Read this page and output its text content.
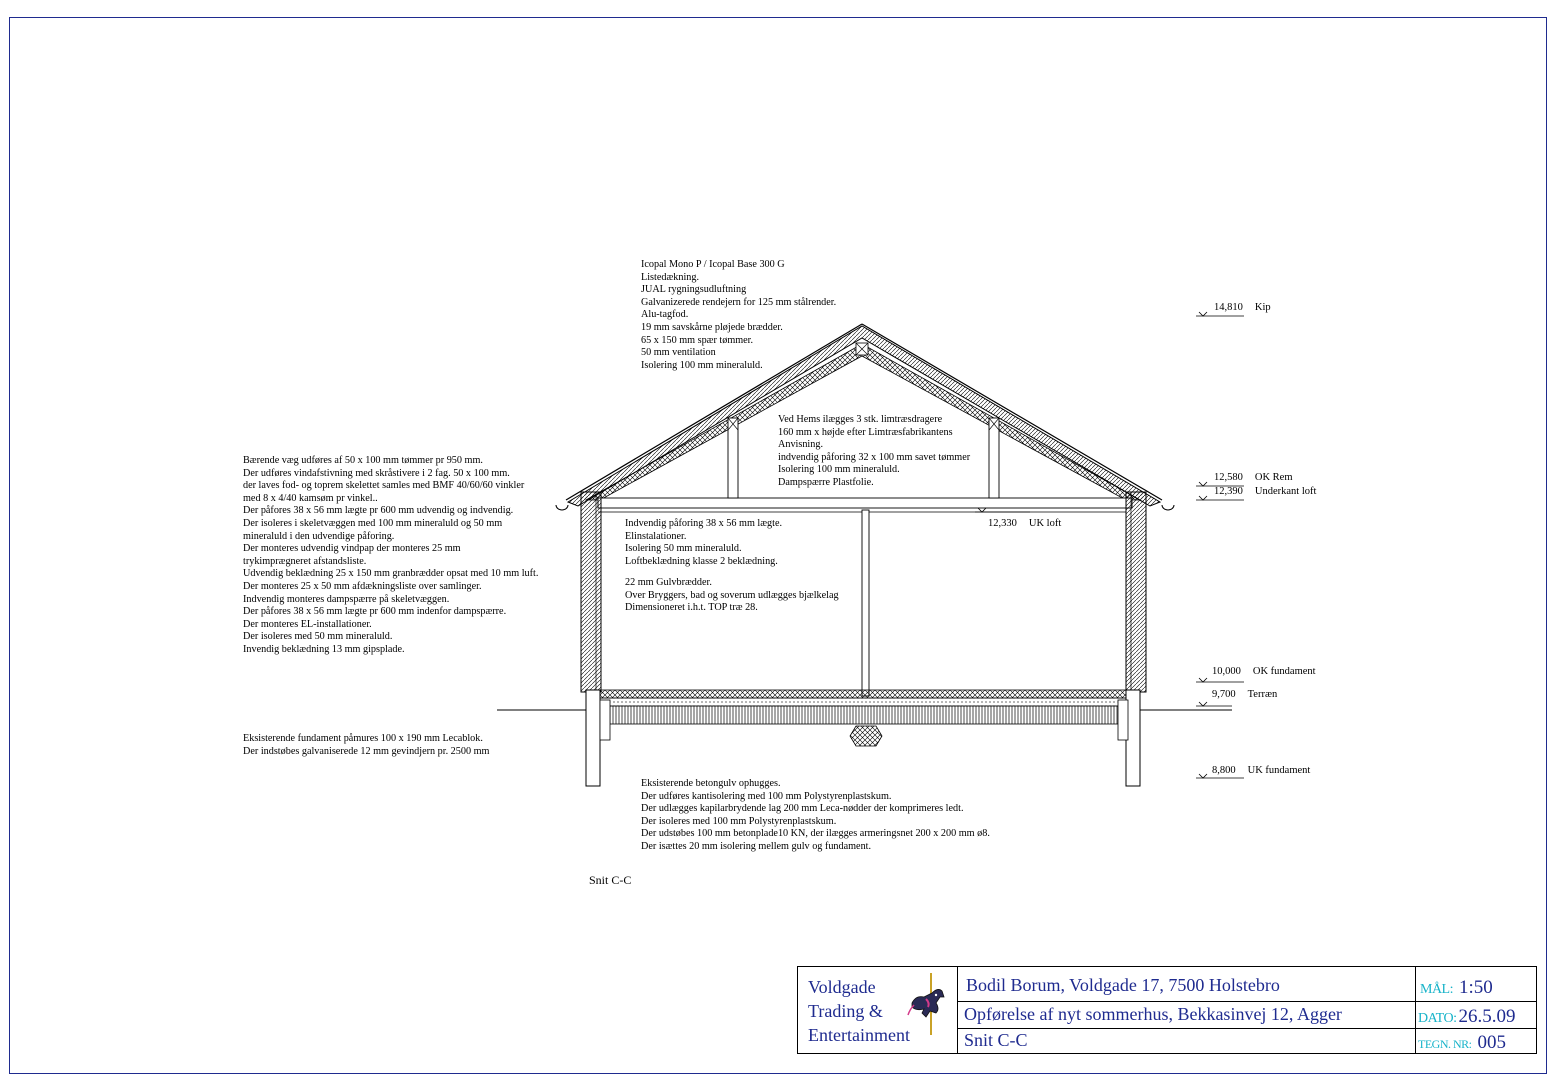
Icopal Mono P / Icopal Base 300 G
Listedækning.
JUAL rygningsudluftning
Galvanizerede rendejern for 125 mm stålrender.
Alu-tagfod.
19 mm savskårne pløjede brædder.
65 x 150 mm spær tømmer.
50 mm ventilation
Isolering 100 mm mineraluld.
Ved Hems ilægges 3 stk. limtræsdragere
160 mm x højde efter Limtræsfabrikantens
Anvisning.
indvendig påforing 32 x 100 mm savet tømmer
Isolering 100 mm mineraluld.
Dampspærre Plastfolie.
Bærende væg udføres af 50 x 100 mm tømmer pr 950 mm.
Der udføres vindafstivning med skråstivere i 2 fag. 50 x 100 mm.
der laves fod- og toprem skelettet samles med BMF 40/60/60 vinkler
med 8 x 4/40 kamsøm pr vinkel..
Der påfores 38 x 56 mm lægte pr 600 mm udvendig og indvendig.
Der isoleres i skeletvæggen med 100 mm mineraluld og 50 mm
mineraluld i den udvendige påforing.
Der monteres udvendig vindpap der monteres 25 mm
trykimprægneret afstandsliste.
Udvendig beklædning 25 x 150 mm granbrædder opsat med 10 mm luft.
Der monteres 25 x 50 mm afdækningsliste over samlinger.
Indvendig monteres dampspærre på skeletvæggen.
Der påfores 38 x 56 mm lægte pr 600 mm indenfor dampspærre.
Der monteres EL-installationer.
Der isoleres med 50 mm mineraluld.
Invendig beklædning 13 mm gipsplade.
Indvendig påforing 38 x 56 mm lægte.
Elinstalationer.
Isolering 50 mm mineraluld.
Loftbeklædning klasse 2 beklædning.
22 mm Gulvbrædder.
Over Bryggers, bad og soverum udlægges bjælkelag
Dimensioneret i.h.t. TOP træ 28.
Eksisterende fundament påmures 100 x 190 mm Lecablok.
Der indstøbes galvaniserede 12 mm gevindjern pr. 2500 mm
Eksisterende betongulv ophugges.
Der udføres kantisolering med 100 mm Polystyrenplastskum.
Der udlægges kapilarbrydende lag 200 mm Leca-nødder der komprimeres ledt.
Der isoleres med 100 mm Polystyrenplastskum.
Der udstøbes 100 mm betonplade10 KN, der ilægges armeringsnet 200 x 200 mm ø8.
Der isættes 20 mm isolering mellem gulv og fundament.
14,810 Kip
12,580 OK Rem
12,390 Underkant loft
12,330 UK loft
10,000 OK fundament
9,700 Terræn
8,800 UK fundament
Snit C-C
Voldgade
Trading &
Entertainment
Bodil Borum, Voldgade 17, 7500 Holstebro
Opførelse af nyt sommerhus, Bekkasinvej 12, Agger
Snit C-C
MÅL: 1:50
DATO: 26.5.09
TEGN. NR: 005
